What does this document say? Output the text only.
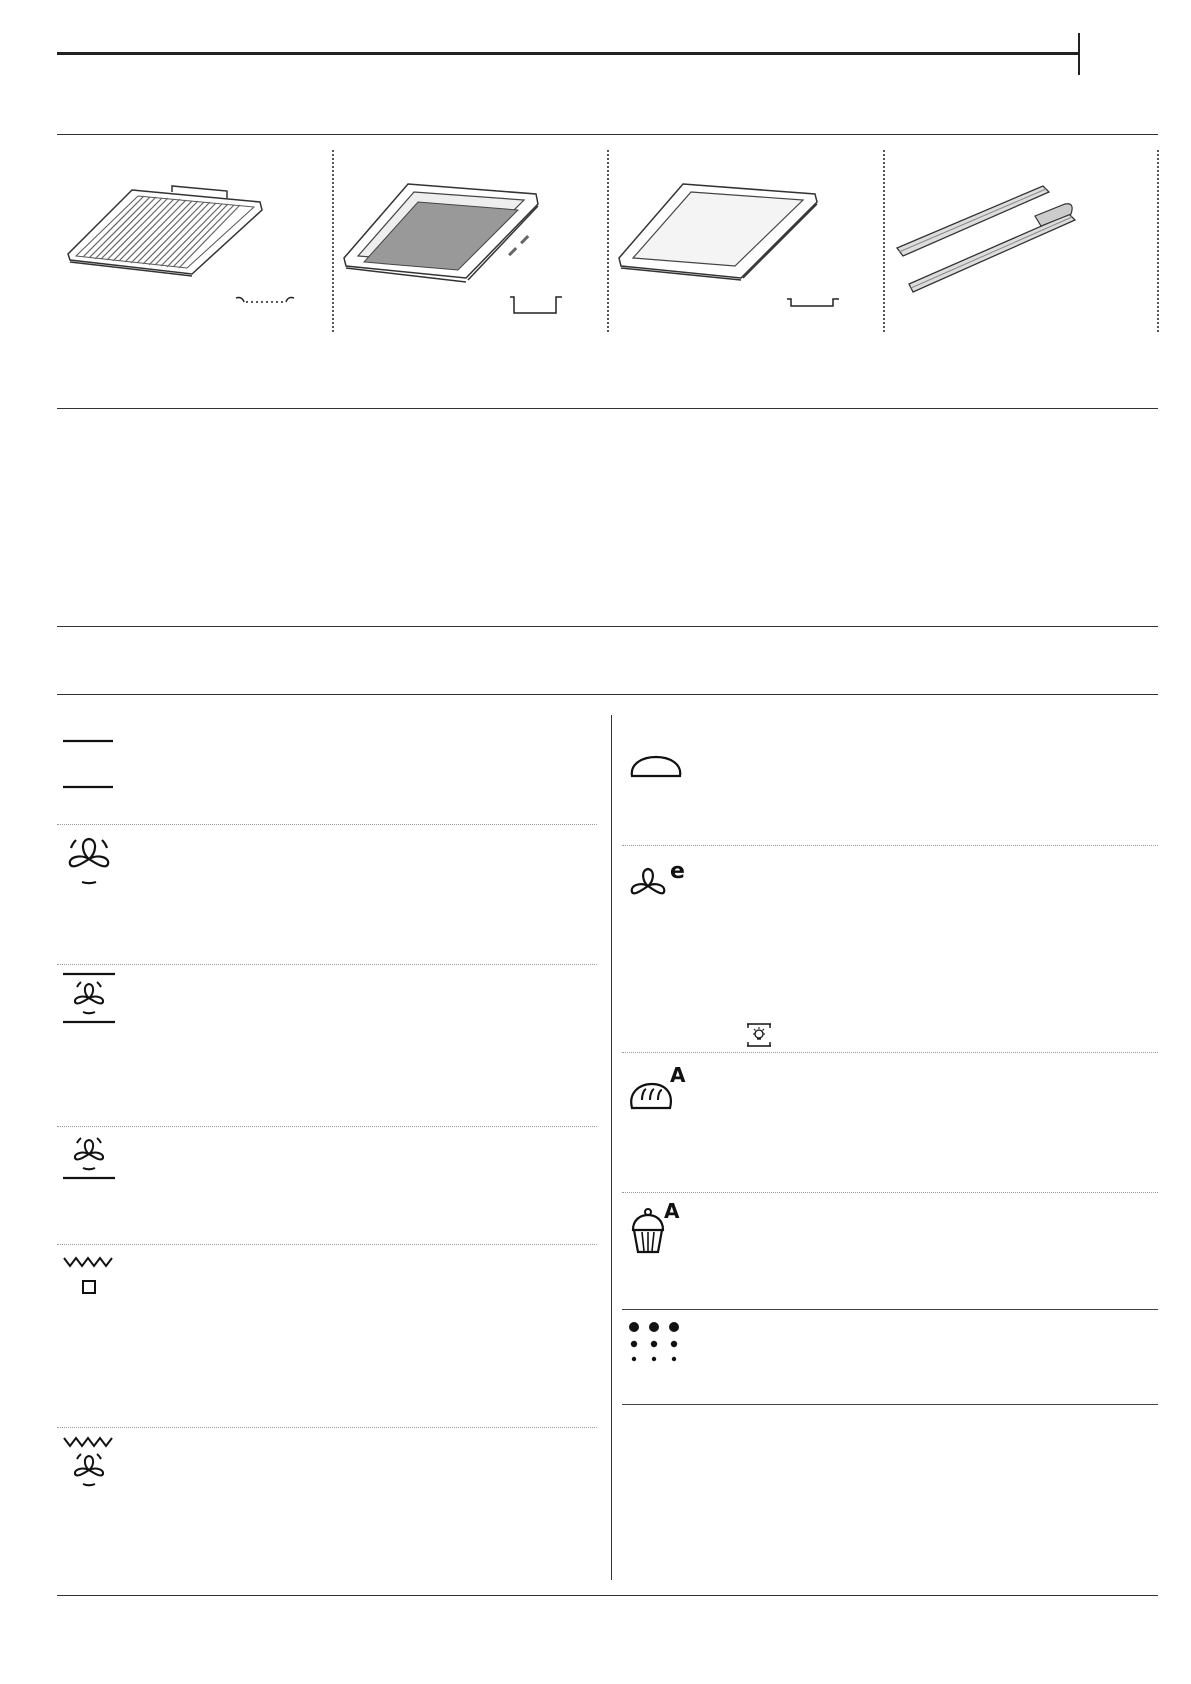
e
A
A
